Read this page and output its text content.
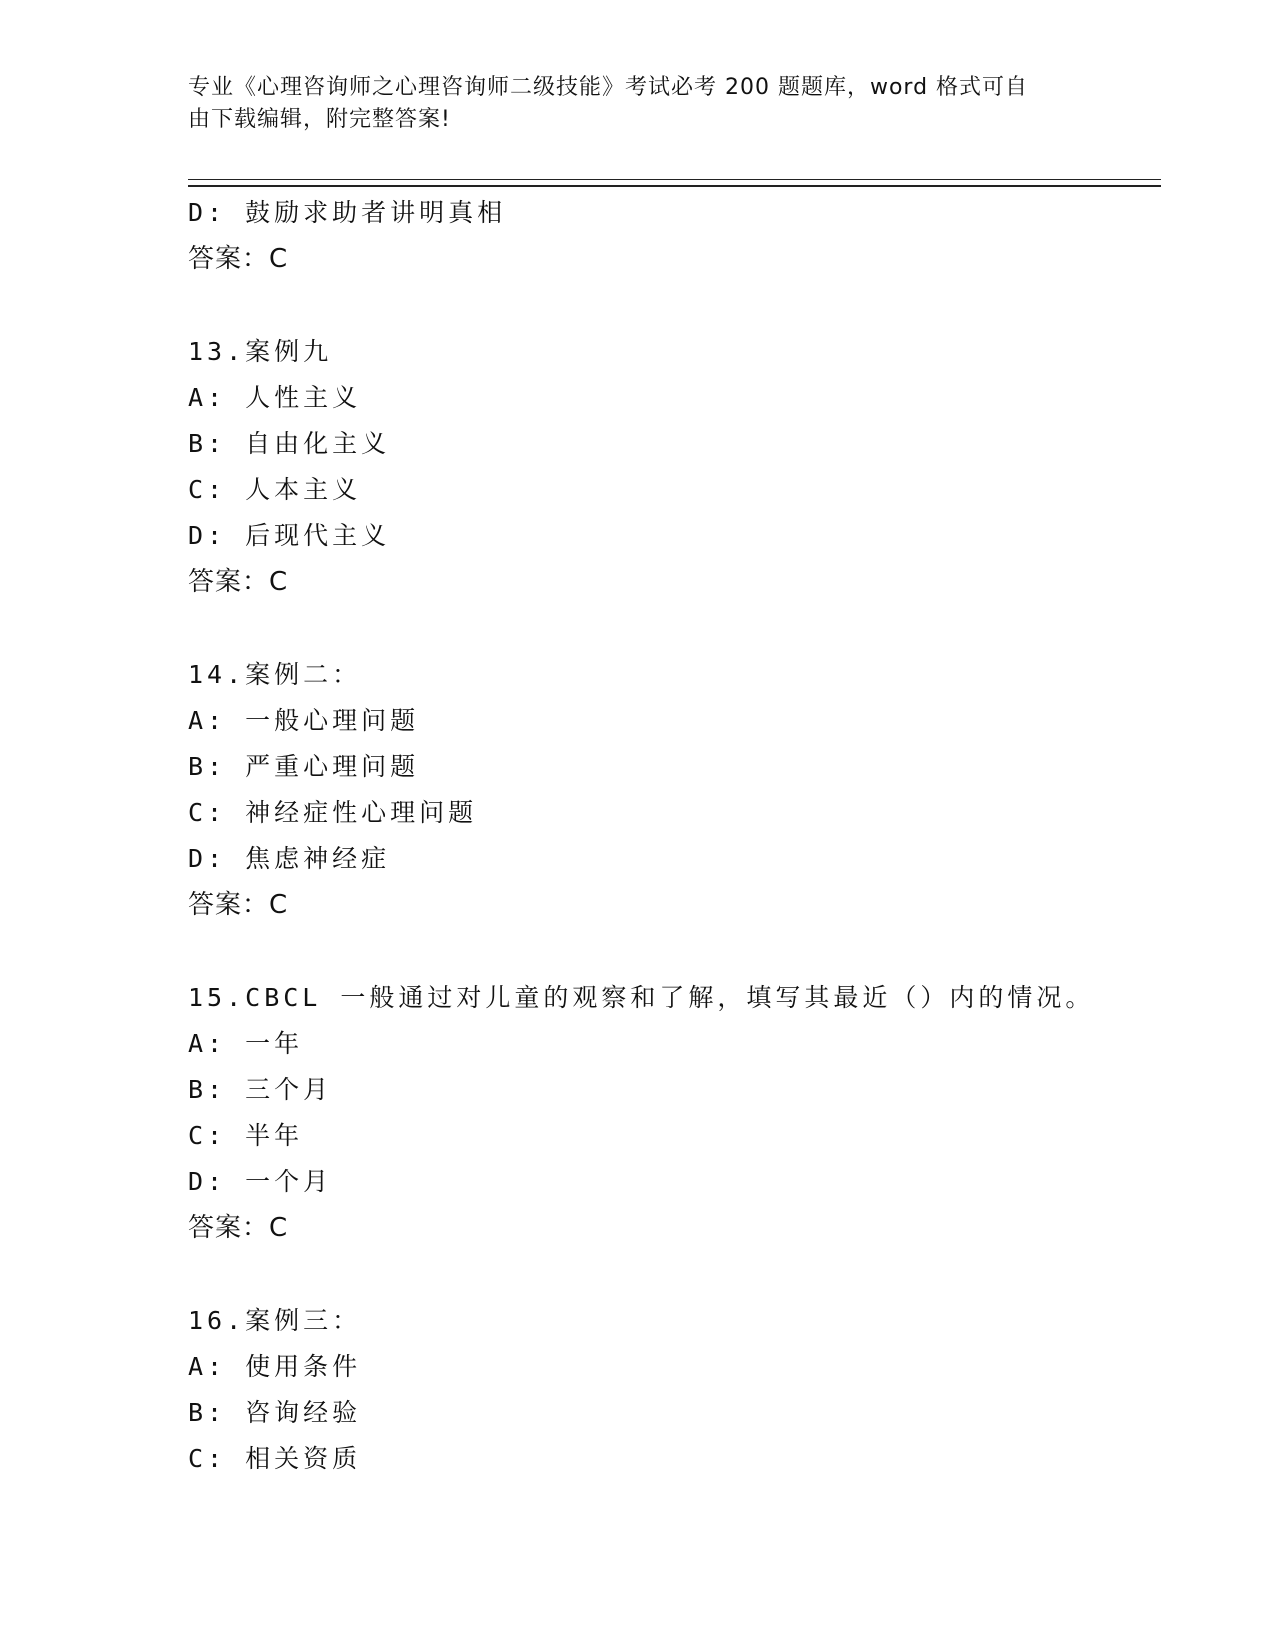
专业《心理咨询师之心理咨询师二级技能》考试必考 200 题题库，word 格式可自
由下载编辑，附完整答案!
D: 鼓励求助者讲明真相
答案：C
13.案例九
A: 人性主义
B: 自由化主义
C: 人本主义
D: 后现代主义
答案：C
14.案例二：
A: 一般心理问题
B: 严重心理问题
C: 神经症性心理问题
D: 焦虑神经症
答案：C
15.CBCL 一般通过对儿童的观察和了解，填写其最近（）内的情况。
A: 一年
B: 三个月
C: 半年
D: 一个月
答案：C
16.案例三：
A: 使用条件
B: 咨询经验
C: 相关资质
